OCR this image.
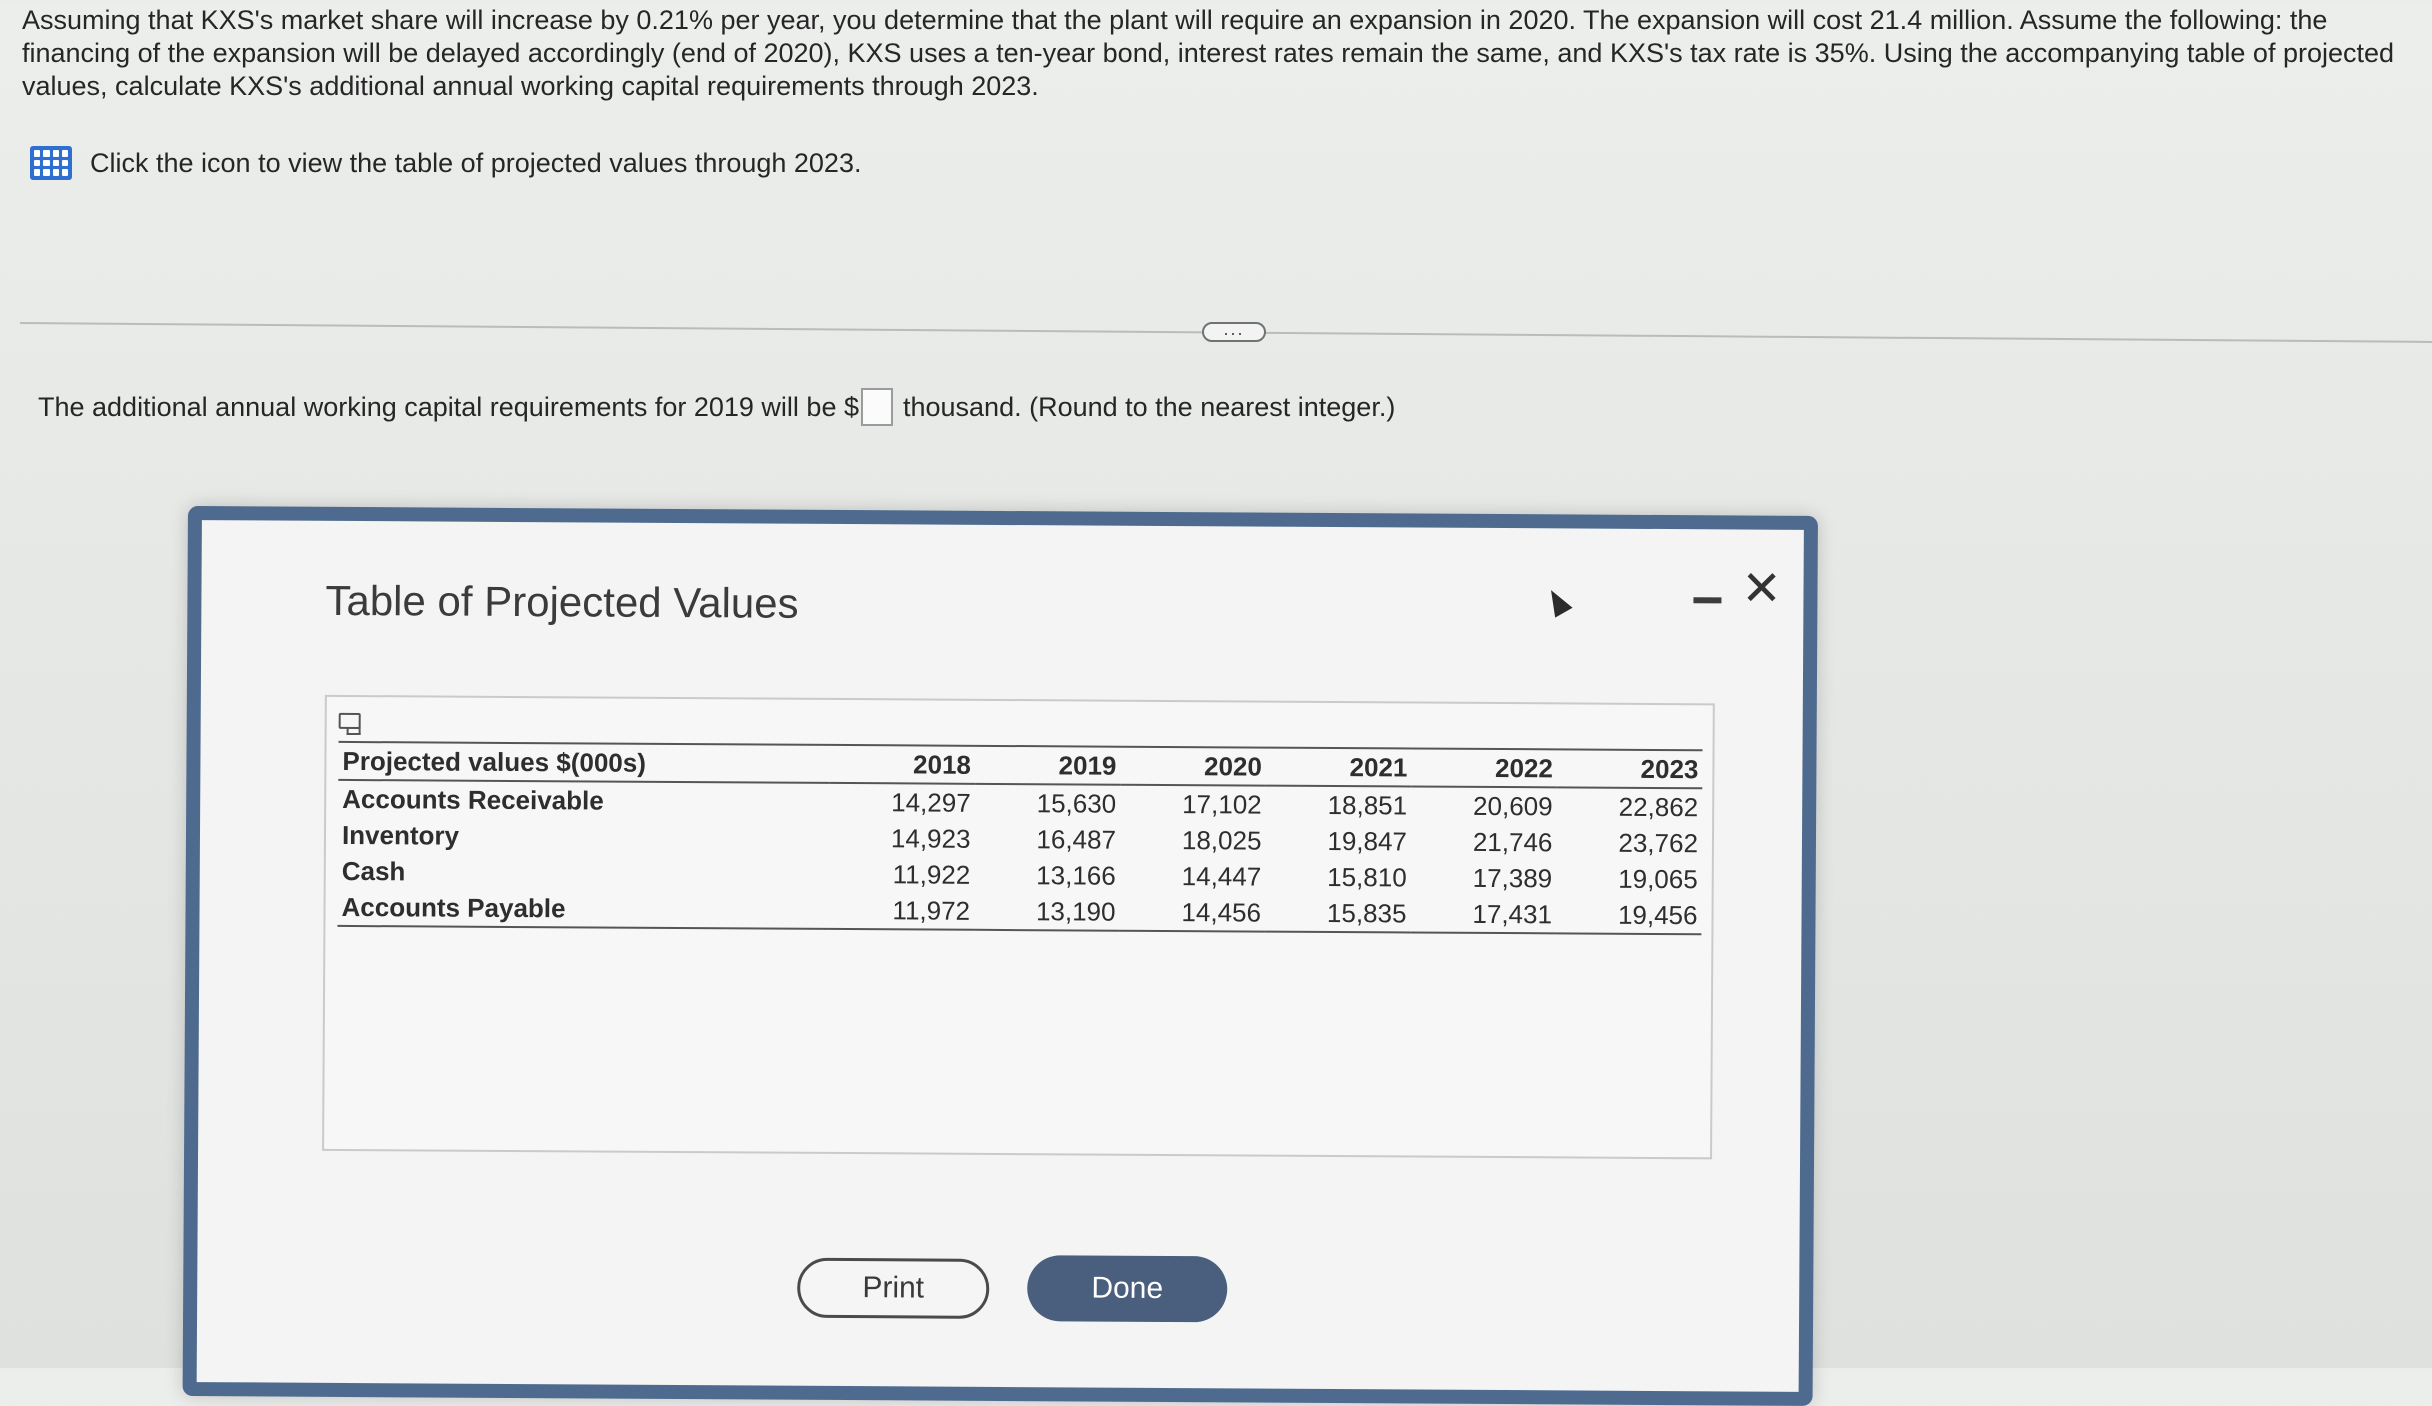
Assuming that KXS's market share will increase by 0.21% per year, you determine that the plant will require an expansion in 2020. The expansion will cost 21.4 million. Assume the following: the financing of the expansion will be delayed accordingly (end of 2020), KXS uses a ten-year bond, interest rates remain the same, and KXS's tax rate is 35%. Using the accompanying table of projected values, calculate KXS's additional annual working capital requirements through 2023.
Click the icon to view the table of projected values through 2023.
...
The additional annual working capital requirements for 2019 will be $ thousand. (Round to the nearest integer.)
Table of Projected Values	✕
Projected values $(000s)	2018	2019	2020	2021	2022	2023
Accounts Receivable	14,297	15,630	17,102	18,851	20,609	22,862
Inventory	14,923	16,487	18,025	19,847	21,746	23,762
Cash	11,922	13,166	14,447	15,810	17,389	19,065
Accounts Payable	11,972	13,190	14,456	15,835	17,431	19,456
Print	Done
